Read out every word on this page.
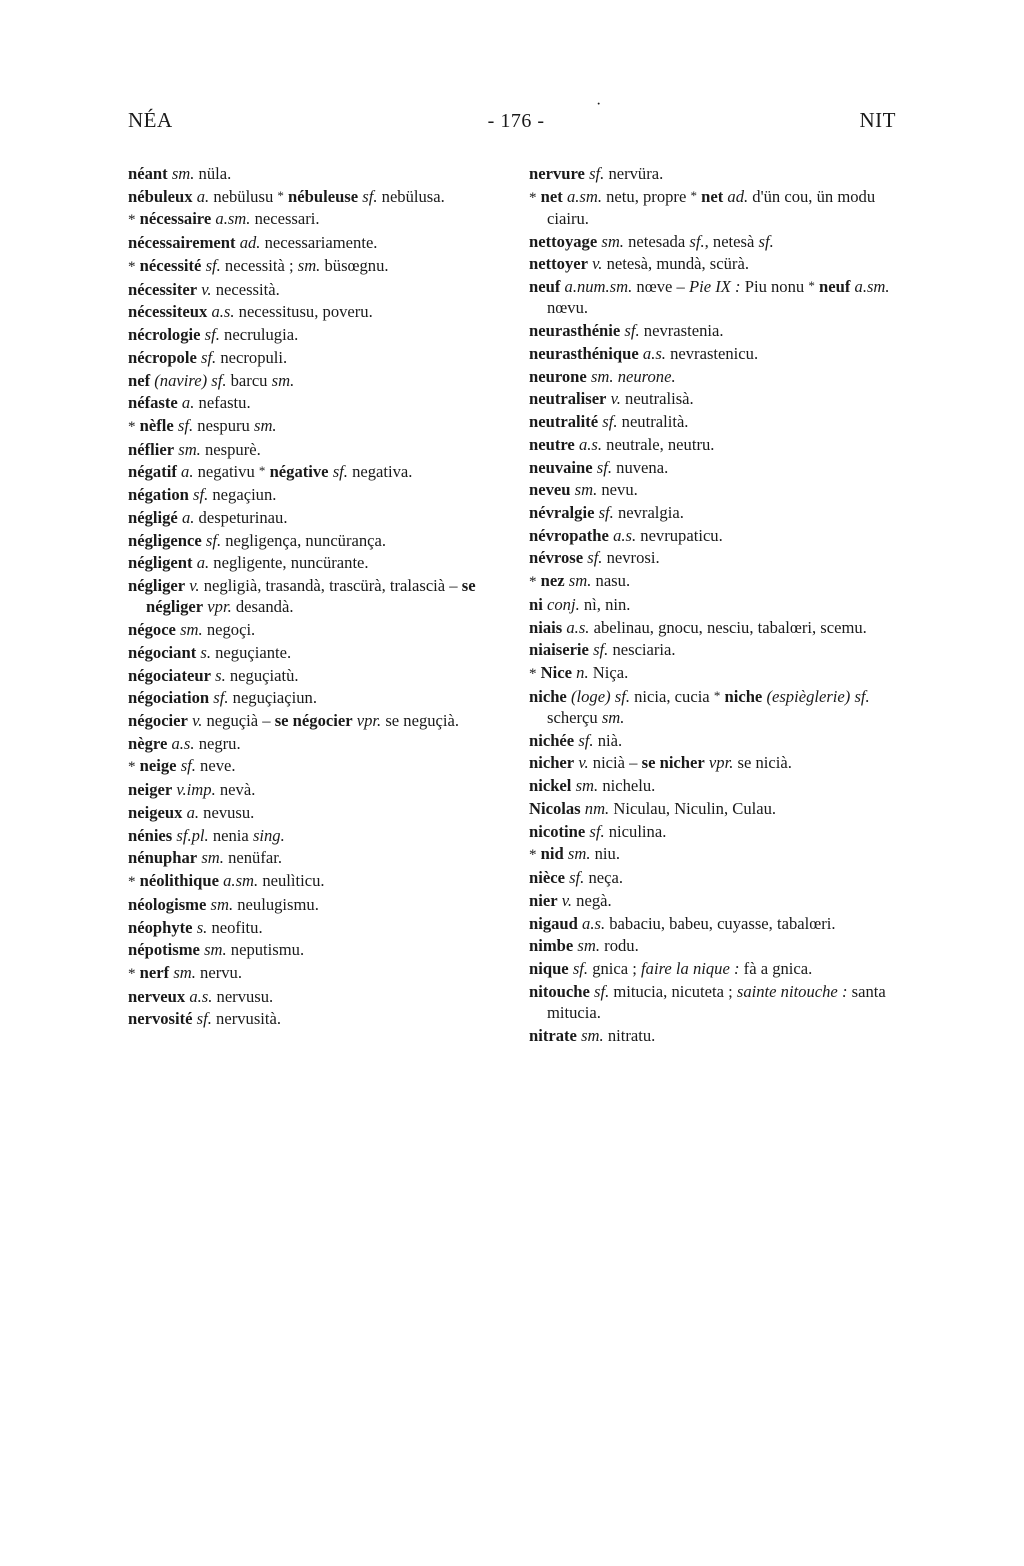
NÉA	- 176 -
·
NIT

néant sm. nüla.

nébuleux a. nebülusu * nébuleuse sf. nebülusa.

* nécessaire a.sm. necessari.

nécessairement ad. necessariamente.

* nécessité sf. necessità ; sm. büsœgnu.

nécessiter v. necessità.

nécessiteux a.s. necessitusu, poveru.

nécrologie sf. necrulugia.

nécropole sf. necropuli.

nef (navire) sf. barcu sm.

néfaste a. nefastu.

* nèfle sf. nespuru sm.

néflier sm. nespurè.

négatif a. negativu * négative sf. negativa.

négation sf. negaçiun.

négligé a. despeturinau.

négligence sf. negligença, nuncürança.

négligent a. negligente, nuncürante.

négliger v. negligià, trasandà, trascürà, tralascià – se négliger vpr. desandà.

négoce sm. negoçi.

négociant s. neguçiante.

négociateur s. neguçiatù.

négociation sf. neguçiaçiun.

négocier v. neguçià – se négocier vpr. se neguçià.

nègre a.s. negru.

* neige sf. neve.

neiger v.imp. nevà.

neigeux a. nevusu.

nénies sf.pl. nenia sing.

nénuphar sm. nenüfar.

* néolithique a.sm. neulìticu.

néologisme sm. neulugismu.

néophyte s. neofitu.

népotisme sm. neputismu.

* nerf sm. nervu.

nerveux a.s. nervusu.

nervosité sf. nervusità.

nervure sf. nervüra.

* net a.sm. netu, propre * net ad. d'ün cou, ün modu ciairu.

nettoyage sm. netesada sf., netesà sf.

nettoyer v. netesà, mundà, scürà.

neuf a.num.sm. nœve – Pie IX : Piu nonu * neuf a.sm. nœvu.

neurasthénie sf. nevrastenia.

neurasthénique a.s. nevrastenicu.

neurone sm. neurone.

neutraliser v. neutralisà.

neutralité sf. neutralità.

neutre a.s. neutrale, neutru.

neuvaine sf. nuvena.

neveu sm. nevu.

névralgie sf. nevralgia.

névropathe a.s. nevrupaticu.

névrose sf. nevrosi.

* nez sm. nasu.

ni conj. nì, nin.

niais a.s. abelinau, gnocu, nesciu, tabalœri, scemu.

niaiserie sf. nesciaria.

* Nice n. Niça.

niche (loge) sf. nicia, cucia * niche (espièglerie) sf. scherçu sm.

nichée sf. nià.

nicher v. nicià – se nicher vpr. se nicià.

nickel sm. nichelu.

Nicolas nm. Niculau, Niculin, Culau.

nicotine sf. niculina.

* nid sm. niu.

nièce sf. neça.

nier v. negà.

nigaud a.s. babaciu, babeu, cuyasse, tabalœri.

nimbe sm. rodu.

nique sf. gnica ; faire la nique : fà a gnica.

nitouche sf. mitucia, nicuteta ; sainte nitouche : santa mitucia.

nitrate sm. nitratu.
